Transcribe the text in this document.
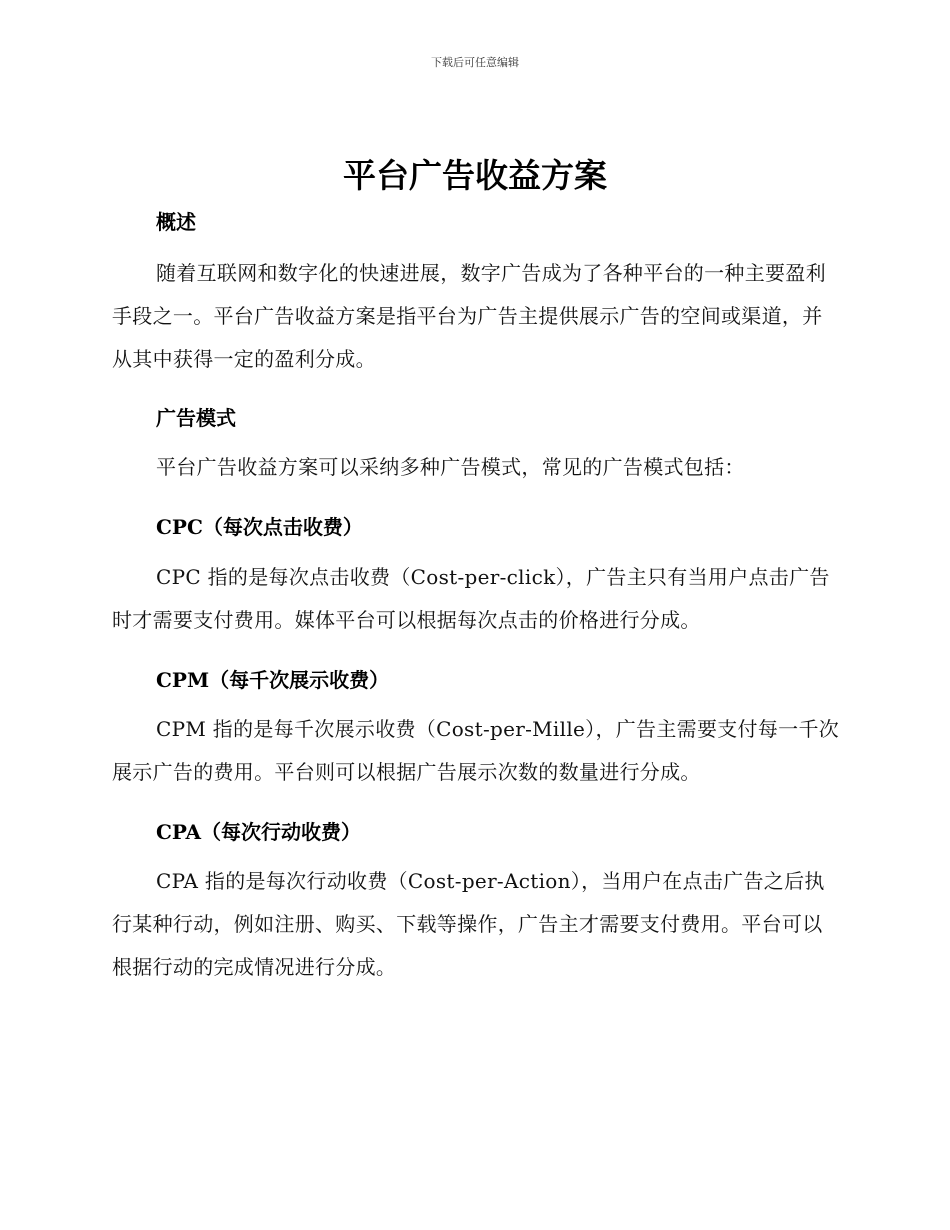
下载后可任意编辑
平台广告收益方案
概述

随着互联网和数字化的快速进展，数字广告成为了各种平台的一种主要盈利手段之一。平台广告收益方案是指平台为广告主提供展示广告的空间或渠道，并从其中获得一定的盈利分成。

广告模式

平台广告收益方案可以采纳多种广告模式，常见的广告模式包括：

CPC（每次点击收费）

CPC 指的是每次点击收费（Cost-per-click），广告主只有当用户点击广告时才需要支付费用。媒体平台可以根据每次点击的价格进行分成。

CPM（每千次展示收费）

CPM 指的是每千次展示收费（Cost-per-Mille），广告主需要支付每一千次展示广告的费用。平台则可以根据广告展示次数的数量进行分成。

CPA（每次行动收费）

CPA 指的是每次行动收费（Cost-per-Action），当用户在点击广告之后执行某种行动，例如注册、购买、下载等操作，广告主才需要支付费用。平台可以根据行动的完成情况进行分成。
